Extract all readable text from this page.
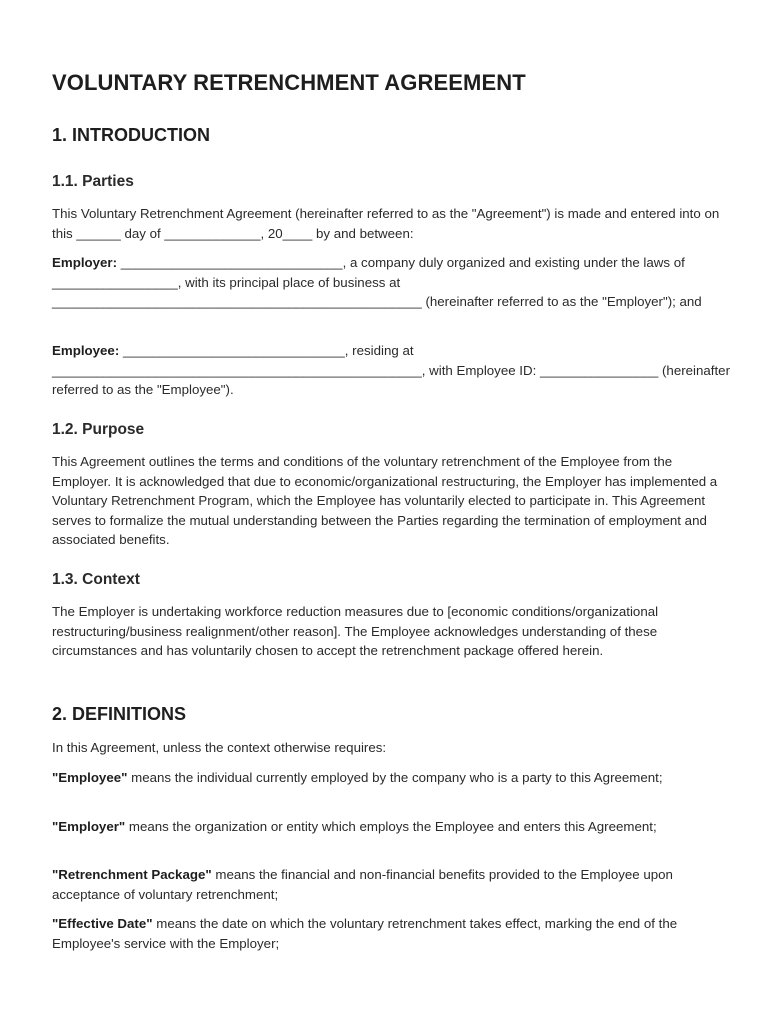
VOLUNTARY RETRENCHMENT AGREEMENT
1. INTRODUCTION
1.1. Parties

This Voluntary Retrenchment Agreement (hereinafter referred to as the "Agreement") is made and entered into on this ______ day of _____________, 20____ by and between:

Employer: ______________________________, a company duly organized and existing under the laws of _________________, with its principal place of business at __________________________________________________ (hereinafter referred to as the "Employer"); and

Employee: ______________________________, residing at __________________________________________________, with Employee ID: ________________ (hereinafter referred to as the "Employee").

1.2. Purpose

This Agreement outlines the terms and conditions of the voluntary retrenchment of the Employee from the Employer. It is acknowledged that due to economic/organizational restructuring, the Employer has implemented a Voluntary Retrenchment Program, which the Employee has voluntarily elected to participate in. This Agreement serves to formalize the mutual understanding between the Parties regarding the termination of employment and associated benefits.

1.3. Context

The Employer is undertaking workforce reduction measures due to [economic conditions/organizational restructuring/business realignment/other reason]. The Employee acknowledges understanding of these circumstances and has voluntarily chosen to accept the retrenchment package offered herein.

2. DEFINITIONS

In this Agreement, unless the context otherwise requires:

"Employee" means the individual currently employed by the company who is a party to this Agreement;

"Employer" means the organization or entity which employs the Employee and enters this Agreement;

"Retrenchment Package" means the financial and non-financial benefits provided to the Employee upon acceptance of voluntary retrenchment;

"Effective Date" means the date on which the voluntary retrenchment takes effect, marking the end of the Employee's service with the Employer;
